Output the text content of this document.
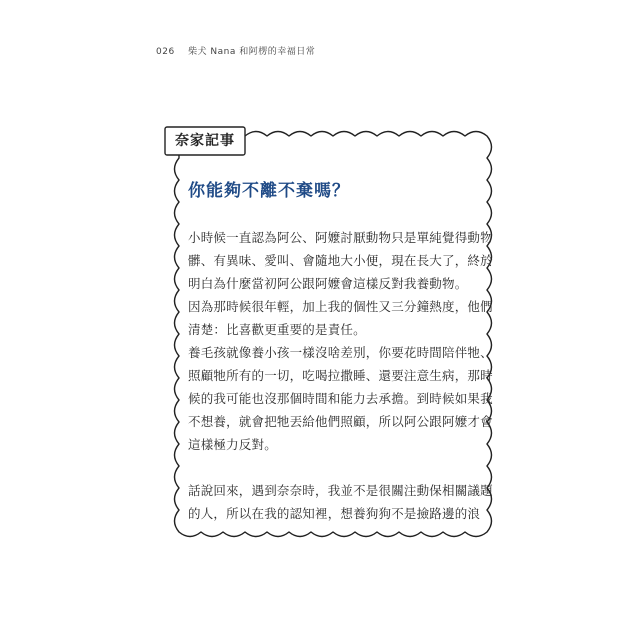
026 柴犬 Nana 和阿楞的幸福日常
奈家記事
你能夠不離不棄嗎？

小時候一直認為阿公、阿嬤討厭動物只是單純覺得動物
髒、有異味、愛叫、會隨地大小便，現在長大了，終於
明白為什麼當初阿公跟阿嬤會這樣反對我養動物。

因為那時候很年輕，加上我的個性又三分鐘熱度，他們
清楚：比喜歡更重要的是責任。

養毛孩就像養小孩一樣沒啥差別，你要花時間陪伴牠、
照顧牠所有的一切，吃喝拉撒睡、還要注意生病，那時
候的我可能也沒那個時間和能力去承擔。到時候如果我
不想養，就會把牠丟給他們照顧，所以阿公跟阿嬤才會
這樣極力反對。

話說回來，遇到奈奈時，我並不是很關注動保相關議題
的人，所以在我的認知裡，想養狗狗不是撿路邊的浪
